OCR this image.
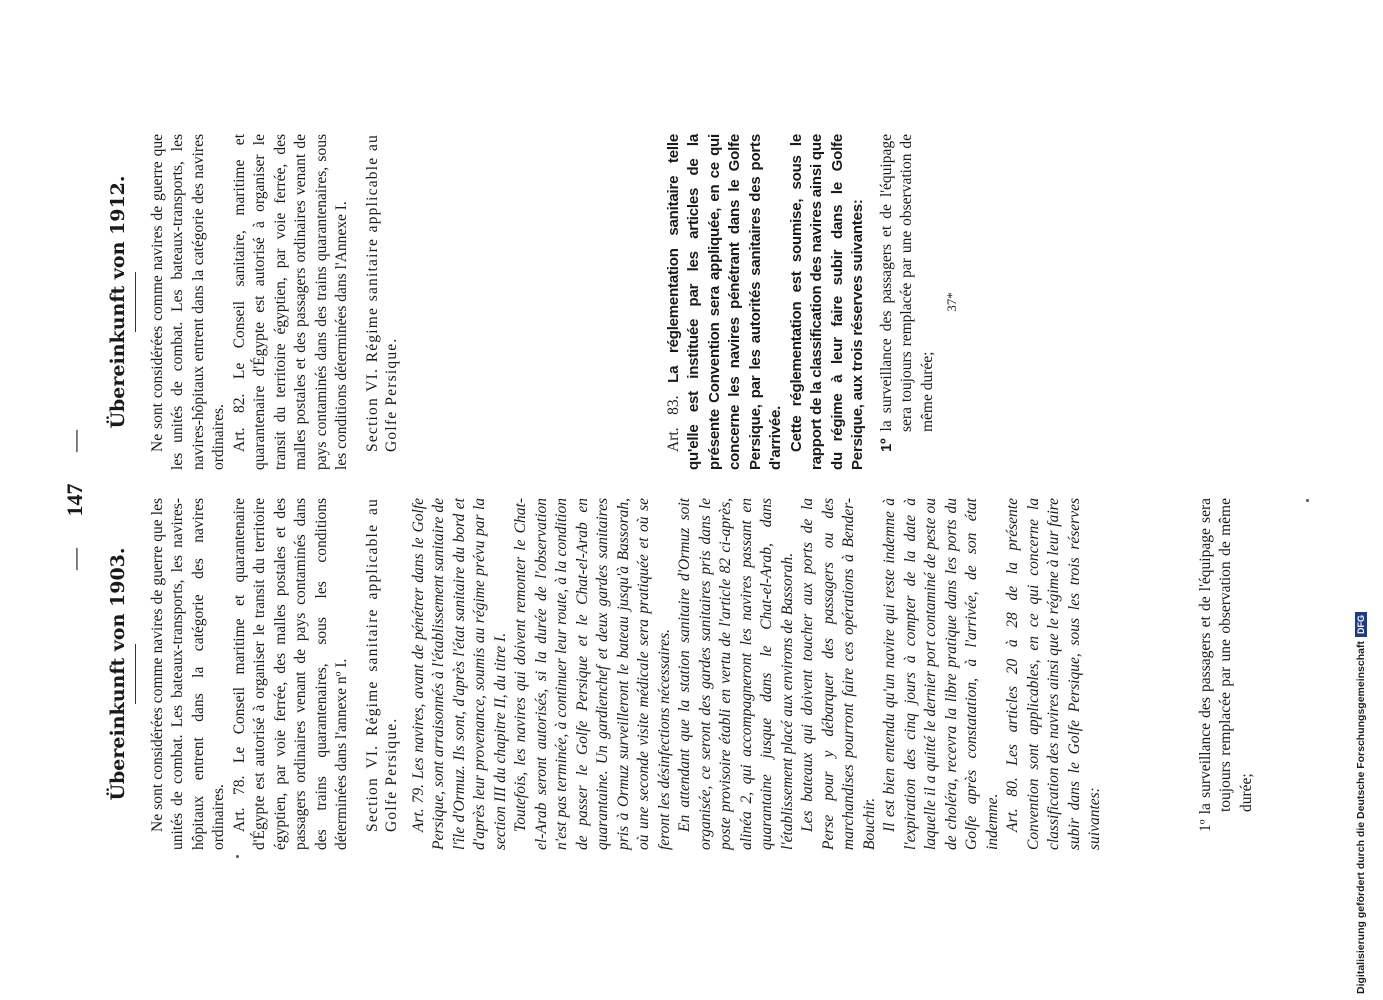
—
147
—
Übereinkunft von 1903. Ne sont considérées comme navires de guerre que les unités de combat. Les bateaux-transports, les navires-hôpitaux entrent dans la catégorie des navires ordinaires. Art. 78. Le Conseil maritime et quarantenaire d'Égypte est autorisé à organiser le transit du territoire égyptien, par voie ferrée, des malles postales et des passagers ordinaires venant de pays contaminés dans des trains quarantenaires, sous les conditions déterminées dans l'annexe nº I. Section VI. Régime sanitaire applicable au Golfe Persique. Art. 79. Les navires, avant de pénétrer dans le Golfe Persique, sont arraisonnés à l'établissement sanitaire de l'île d'Ormuz. Ils sont, d'après l'état sanitaire du bord et d'après leur provenance, soumis au régime prévu par la section III du chapitre II, du titre I. Toutefois, les navires qui doivent remonter le Chat-el-Arab seront autorisés, si la durée de l'observation n'est pas terminée, à continuer leur route, à la condition de passer le Golfe Persique et le Chat-el-Arab en quarantaine. Un gardienchef et deux gardes sanitaires pris à Ormuz surveilleront le bateau jusqu'à Bassorah, où une seconde visite médicale sera pratiquée et où se feront les désinfections nécessaires. En attendant que la station sanitaire d'Ormuz soit organisée, ce seront des gardes sanitaires pris dans le poste provisoire établi en vertu de l'article 82 ci-après, alinéa 2, qui accompagneront les navires passant en quarantaine jusque dans le Chat-el-Arab, dans l'établissement placé aux environs de Bassorah. Les bateaux qui doivent toucher aux ports de la Perse pour y débarquer des passagers ou des marchandises pourront faire ces opérations à Bender-Bouchir. Il est bien entendu qu'un navire qui reste indemne à l'expiration des cinq jours à compter de la date à laquelle il a quitté le dernier port contaminé de peste ou de choléra, recevra la libre pratique dans les ports du Golfe après constatation, à l'arrivée, de son état indemne. Art. 80. Les articles 20 à 28 de la présente Convention sont applicables, en ce qui concerne la classification des navires ainsi que le régime à leur faire subir dans le Golfe Persique, sous les trois réserves suivantes:	1º la surveillance des passagers et de l'équipage sera toujours remplacée par une observation de même durée;

Übereinkunft von 1912. Ne sont considérées comme navires de guerre que les unités de combat. Les bateaux-transports, les navires-hôpitaux entrent dans la catégorie des navires ordinaires. Art. 82. Le Conseil sanitaire, maritime et quarantenaire d'Égypte est autorisé à organiser le transit du territoire égyptien, par voie ferrée, des malles postales et des passagers ordinaires venant de pays contaminés dans des trains quarantenaires, sous les conditions déterminées dans l'Annexe I. Section VI. Régime sanitaire applicable au Golfe Persique.	Art. 83. La réglementation sanitaire telle qu'elle est instituée par les articles de la présente Convention sera appliquée, en ce qui concerne les navires pénétrant dans le Golfe Persique, par les autorités sanitaires des ports d'arrivée. Cette réglementation est soumise, sous le rapport de la classification des navires ainsi que du régime à leur faire subir dans le Golfe Persique, aux trois réserves suivantes: 1º la surveillance des passagers et de l'équipage sera toujours remplacée par une observation de même durée;

37*
Digitalisierung gefördert durch die Deutsche ForschungsgemeinschaftDFG
